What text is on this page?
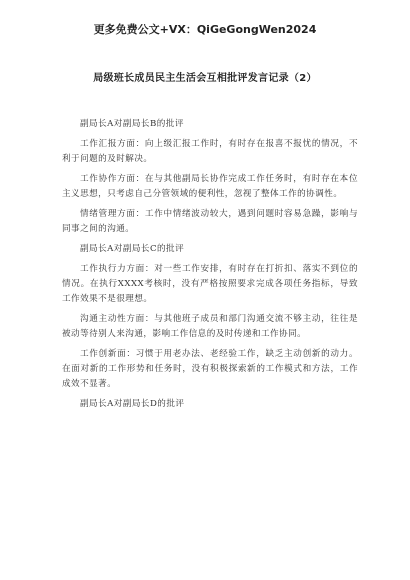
更多免费公文+VX：QiGeGongWen2024
局级班长成员民主生活会互相批评发言记录（2）
副局长A对副局长B的批评
工作汇报方面：向上级汇报工作时，有时存在报喜不报忧的情况，不利于问题的及时解决。
工作协作方面：在与其他副局长协作完成工作任务时，有时存在本位主义思想，只考虑自己分管领域的便利性，忽视了整体工作的协调性。
情绪管理方面：工作中情绪波动较大，遇到问题时容易急躁，影响与同事之间的沟通。
副局长A对副局长C的批评
工作执行力方面：对一些工作安排，有时存在打折扣、落实不到位的情况。在执行XXXX考核时，没有严格按照要求完成各项任务指标，导致工作效果不是很理想。
沟通主动性方面：与其他班子成员和部门沟通交流不够主动，往往是被动等待别人来沟通，影响工作信息的及时传递和工作协同。
工作创新面：习惯于用老办法、老经验工作，缺乏主动创新的动力。在面对新的工作形势和任务时，没有积极探索新的工作模式和方法，工作成效不显著。
副局长A对副局长D的批评
